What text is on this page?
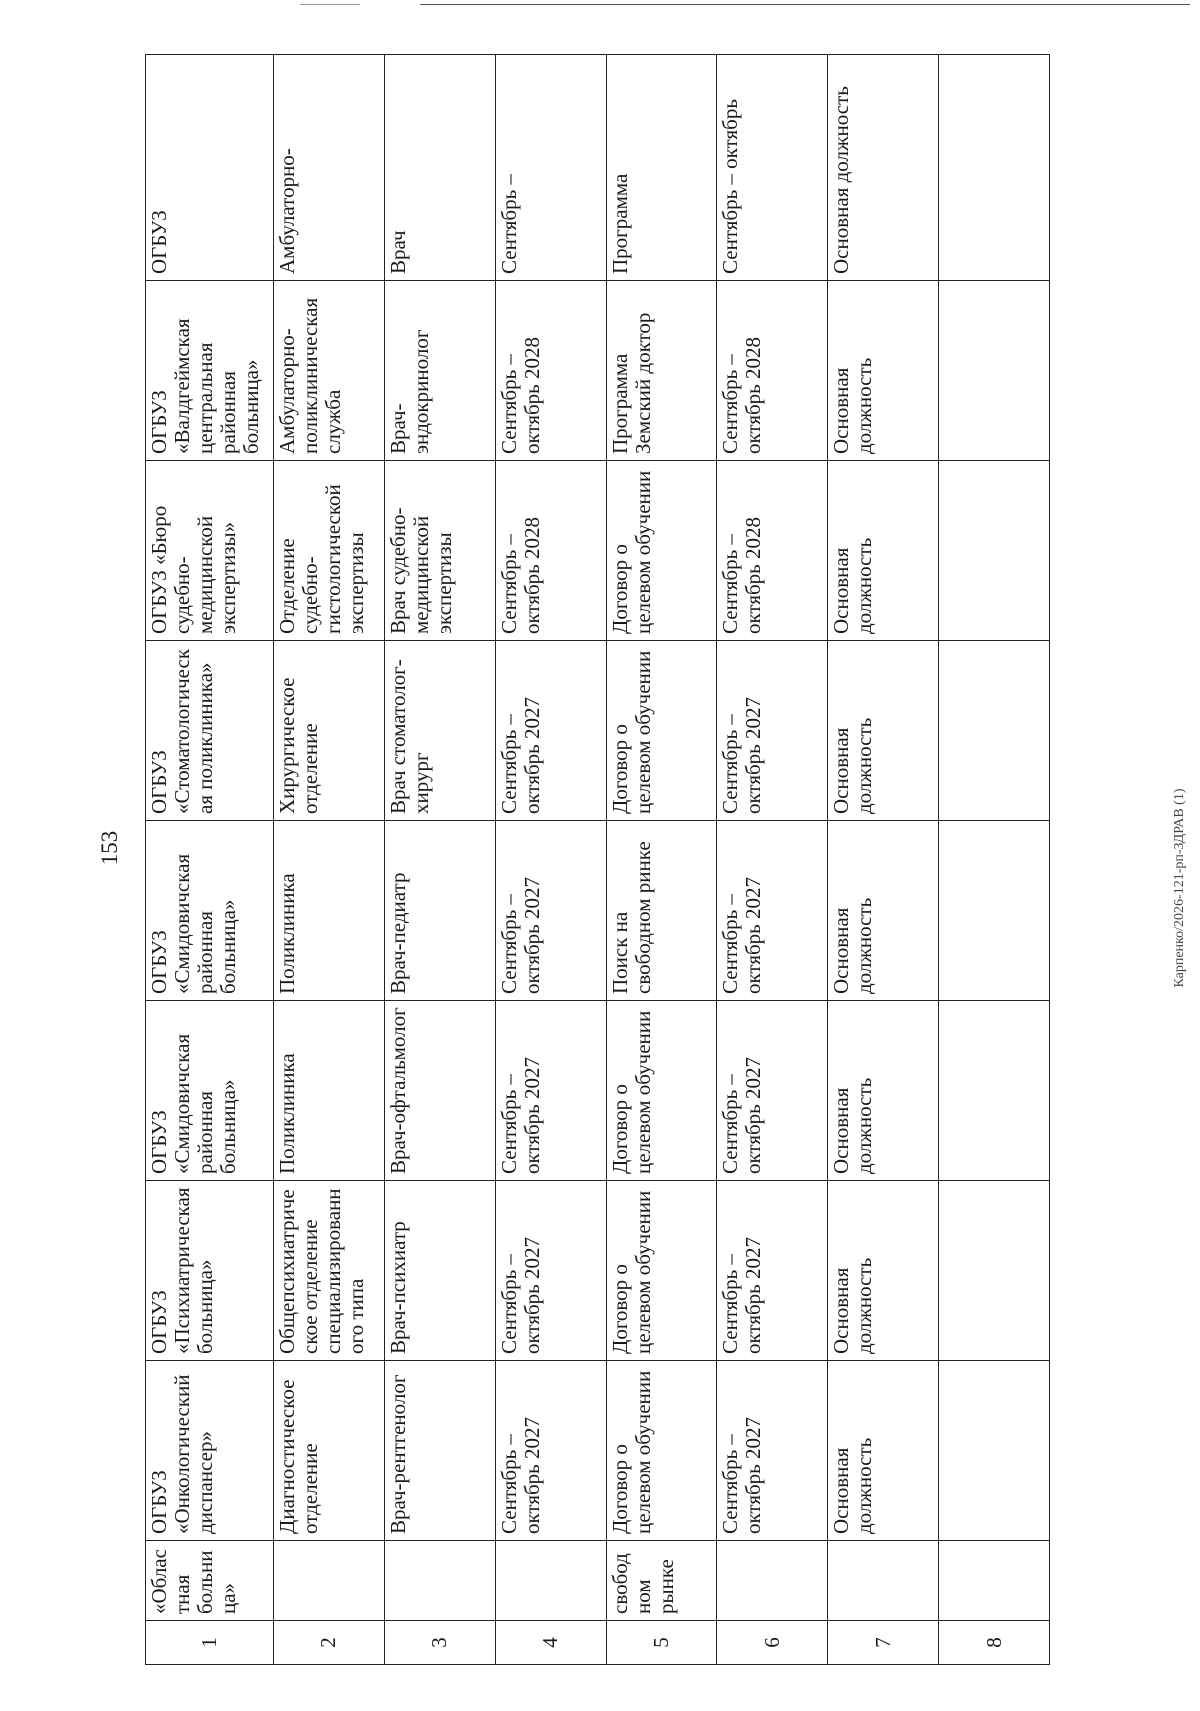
153	Карпенко/2026-121-рп-ЗДРАВ (1)
1	«Областная больница»	ОГБУЗ «Онкологический диспансер»	ОГБУЗ «Психиатрическая больница»	ОГБУЗ «Смидовичская районная больница»	ОГБУЗ «Смидовичская районная больница»	ОГБУЗ «Стоматологическая поликлиника»	ОГБУЗ «Бюро судебно-медицинской экспертизы»	ОГБУЗ «Валдгеймская центральная районная больница»	ОГБУЗ
2		Диагностическое отделение	Общепсихиатрическое отделение специализированного типа	Поликлиника	Поликлиника	Хирургическое отделение	Отделение судебно-гистологической экспертизы	Амбулаторно-поликлиническая служба	Амбулаторно-
3		Врач-рентгенолог	Врач-психиатр	Врач-офтальмолог	Врач-педиатр	Врач стоматолог-хирург	Врач судебно-медицинской экспертизы	Врач-эндокринолог	Врач
4		Сентябрь – октябрь 2027	Сентябрь – октябрь 2027	Сентябрь – октябрь 2027	Сентябрь – октябрь 2027	Сентябрь – октябрь 2027	Сентябрь – октябрь 2028	Сентябрь – октябрь 2028	Сентябрь –
5	свободном рынке	Договор о целевом обучении	Договор о целевом обучении	Договор о целевом обучении	Поиск на свободном ринке	Договор о целевом обучении	Договор о целевом обучении	Программа Земский доктор	Программа
6		Сентябрь – октябрь 2027	Сентябрь – октябрь 2027	Сентябрь – октябрь 2027	Сентябрь – октябрь 2027	Сентябрь – октябрь 2027	Сентябрь – октябрь 2028	Сентябрь – октябрь 2028	Сентябрь – октябрь
7		Основная должность	Основная должность	Основная должность	Основная должность	Основная должность	Основная должность	Основная должность	Основная должность
8									
